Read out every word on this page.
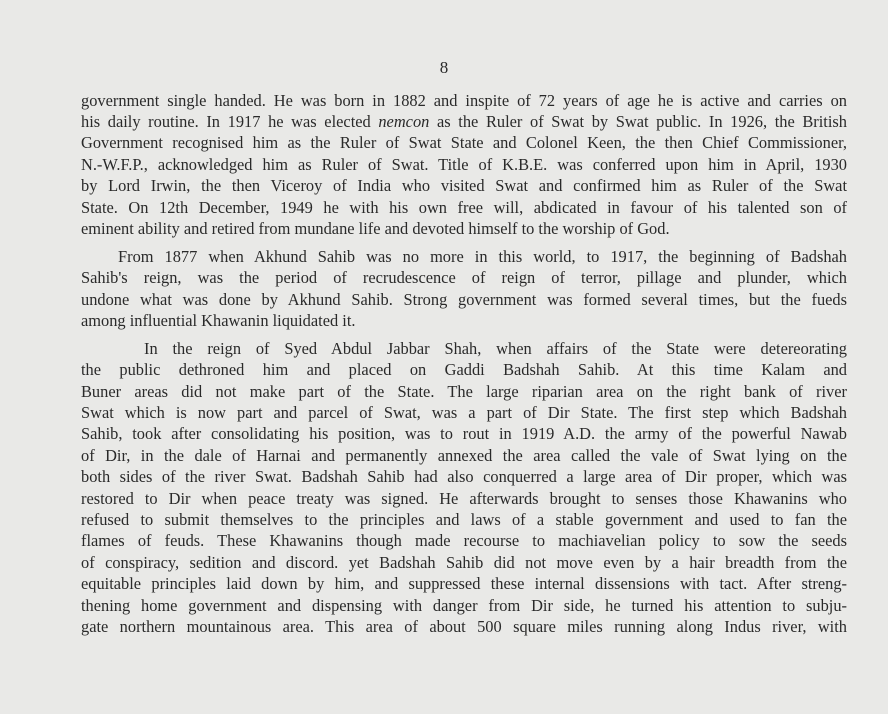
8

government single handed. He was born in 1882 and inspite of 72 years of age he is active and carries on
his daily routine. In 1917 he was elected nemcon as the Ruler of Swat by Swat public. In 1926, the British
Government recognised him as the Ruler of Swat State and Colonel Keen, the then Chief Commissioner,
N.-W.F.P., acknowledged him as Ruler of Swat. Title of K.B.E. was conferred upon him in April, 1930
by Lord Irwin, the then Viceroy of India who visited Swat and confirmed him as Ruler of the Swat
State. On 12th December, 1949 he with his own free will, abdicated in favour of his talented son of
eminent ability and retired from mundane life and devoted himself to the worship of God.

From 1877 when Akhund Sahib was no more in this world, to 1917, the beginning of Badshah
Sahib's reign, was the period of recrudescence of reign of terror, pillage and plunder, which
undone what was done by Akhund Sahib. Strong government was formed several times, but the fueds
among influential Khawanin liquidated it.

In the reign of Syed Abdul Jabbar Shah, when affairs of the State were detereorating
the public dethroned him and placed on Gaddi Badshah Sahib. At this time Kalam and
Buner areas did not make part of the State. The large riparian area on the right bank of river
Swat which is now part and parcel of Swat, was a part of Dir State. The first step which Badshah
Sahib, took after consolidating his position, was to rout in 1919 A.D. the army of the powerful Nawab
of Dir, in the dale of Harnai and permanently annexed the area called the vale of Swat lying on the
both sides of the river Swat. Badshah Sahib had also conquerred a large area of Dir proper, which was
restored to Dir when peace treaty was signed. He afterwards brought to senses those Khawanins who
refused to submit themselves to the principles and laws of a stable government and used to fan the
flames of feuds. These Khawanins though made recourse to machiavelian policy to sow the seeds
of conspiracy, sedition and discord. yet Badshah Sahib did not move even by a hair breadth from the
equitable principles laid down by him, and suppressed these internal dissensions with tact. After streng-
thening home government and dispensing with danger from Dir side, he turned his attention to subju-
gate northern mountainous area. This area of about 500 square miles running along Indus river, with
